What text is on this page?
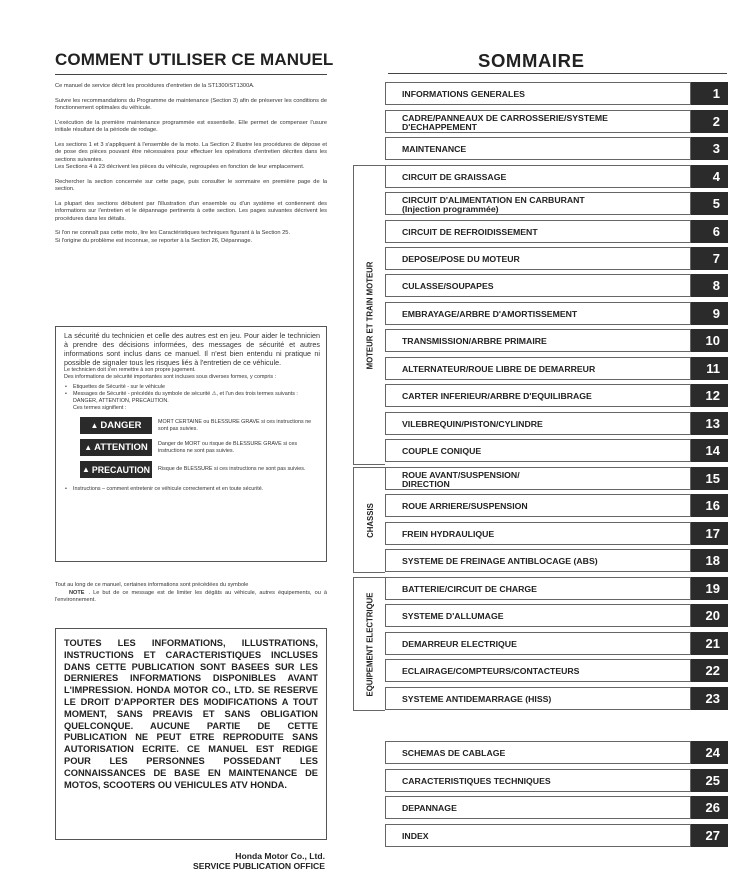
COMMENT UTILISER CE MANUEL

Ce manuel de service décrit les procédures d'entretien de la ST1300/ST1300A.

Suivre les recommandations du Programme de maintenance (Section 3) afin de préserver les conditions de fonctionnement optimales du véhicule.

L'exécution de la première maintenance programmée est essentielle. Elle permet de compenser l'usure initiale résultant de la période de rodage.

Les sections 1 et 3 s'appliquent à l'ensemble de la moto. La Section 2 illustre les procédures de dépose et de pose des pièces pouvant être nécessaires pour effectuer les opérations d'entretien décrites dans les sections suivantes.

Les Sections 4 à 23 décrivent les pièces du véhicule, regroupées en fonction de leur emplacement.

Rechercher la section concernée sur cette page, puis consulter le sommaire en première page de la section.

La plupart des sections débutent par l'illustration d'un ensemble ou d'un système et contiennent des informations sur l'entretien et le dépannage pertinents à cette section. Les pages suivantes décrivent les procédures dans les détails.

Si l'on ne connaît pas cette moto, lire les Caractéristiques techniques figurant à la Section 25.

Si l'origine du problème est inconnue, se reporter à la Section 26, Dépannage.

La sécurité du technicien et celle des autres est en jeu. Pour aider le technicien à prendre des décisions informées, des messages de sécurité et autres informations sont inclus dans ce manuel. Il n'est bien entendu ni pratique ni possible de signaler tous les risques liés à l'entretien de ce véhicule.
Le technicien doit s'en remettre à son propre jugement.
Des informations de sécurité importantes sont incluses sous diverses formes, y compris :
• Etiquettes de Sécurité - sur le véhicule
• Messages de Sécurité - précédés du symbole de sécurité ⚠, et l'un des trois termes suivants : DANGER, ATTENTION, PRECAUTION.
Ces termes signifient :
▲ DANGER	MORT CERTAINE ou BLESSURE GRAVE si ces instructions ne sont pas suivies.
▲ ATTENTION Danger de MORT ou risque de BLESSURE GRAVE si ces instructions ne sont pas suivies.
▲ PRECAUTION Risque de BLESSURE si ces instructions ne sont pas suivies.
• Instructions – comment entretenir ce véhicule correctement et en toute sécurité.
Tout au long de ce manuel, certaines informations sont précédées du symbole
NOTE . Le but de ce message est de limiter les dégâts au véhicule, autres équipements, ou à l'environnement.
TOUTES LES INFORMATIONS, ILLUSTRATIONS, INSTRUCTIONS ET CARACTERISTIQUES INCLUSES DANS CETTE PUBLICATION SONT BASEES SUR LES DERNIERES INFORMATIONS DISPONIBLES AVANT L'IMPRESSION. HONDA MOTOR CO., LTD. SE RESERVE LE DROIT D'APPORTER DES MODIFICATIONS A TOUT MOMENT, SANS PREAVIS ET SANS OBLIGATION QUELCONQUE. AUCUNE PARTIE DE CETTE PUBLICATION NE PEUT ETRE REPRODUITE SANS AUTORISATION ECRITE. CE MANUEL EST REDIGE POUR LES PERSONNES POSSEDANT LES CONNAISSANCES DE BASE EN MAINTENANCE DE MOTOS, SCOOTERS OU VEHICULES ATV HONDA.
Honda Motor Co., Ltd.
SERVICE PUBLICATION OFFICE
SOMMAIRE
MOTEUR ET TRAIN MOTEUR
CHASSIS
EQUIPEMENT ELECTRIQUE
INFORMATIONS GENERALES	1
CADRE/PANNEAUX DE CARROSSERIE/SYSTEME
D'ECHAPPEMENT	2
MAINTENANCE	3
CIRCUIT DE GRAISSAGE	4
CIRCUIT D'ALIMENTATION EN CARBURANT
(Injection programmée)	5
CIRCUIT DE REFROIDISSEMENT	6
DEPOSE/POSE DU MOTEUR	7
CULASSE/SOUPAPES	8
EMBRAYAGE/ARBRE D'AMORTISSEMENT	9
TRANSMISSION/ARBRE PRIMAIRE	10
ALTERNATEUR/ROUE LIBRE DE DEMARREUR	11
CARTER INFERIEUR/ARBRE D'EQUILIBRAGE	12
VILEBREQUIN/PISTON/CYLINDRE	13
COUPLE CONIQUE	14
ROUE AVANT/SUSPENSION/
DIRECTION	15
ROUE ARRIERE/SUSPENSION	16
FREIN HYDRAULIQUE	17
SYSTEME DE FREINAGE ANTIBLOCAGE (ABS)	18
BATTERIE/CIRCUIT DE CHARGE	19
SYSTEME D'ALLUMAGE	20
DEMARREUR ELECTRIQUE	21
ECLAIRAGE/COMPTEURS/CONTACTEURS	22
SYSTEME ANTIDEMARRAGE (HISS)	23
SCHEMAS DE CABLAGE	24
CARACTERISTIQUES TECHNIQUES	25
DEPANNAGE	26
INDEX	27
